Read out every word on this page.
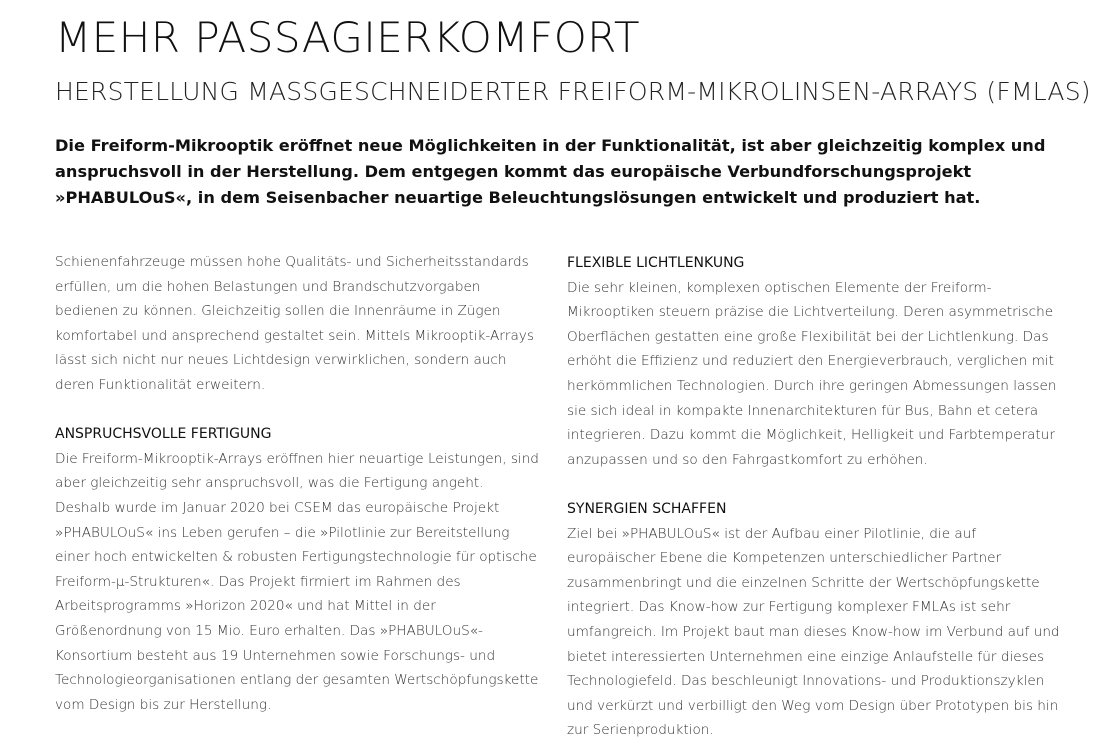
MEHR PASSAGIERKOMFORT
HERSTELLUNG MASSGESCHNEIDERTER FREIFORM-MIKROLINSEN-ARRAYS (FMLAS)

Die Freiform-Mikrooptik eröffnet neue Möglichkeiten in der Funktionalität, ist aber gleichzeitig komplex und anspruchsvoll in der Herstellung. Dem entgegen kommt das europäische Verbundforschungsprojekt »PHABULOuS«, in dem Seisenbacher neuartige Beleuchtungslösungen entwickelt und produziert hat.

Schienenfahrzeuge müssen hohe Qualitäts- und Sicherheitsstandards erfüllen, um die hohen Belastungen und Brandschutzvorgaben bedienen zu können. Gleichzeitig sollen die Innenräume in Zügen komfortabel und ansprechend gestaltet sein. Mittels Mikrooptik-Arrays lässt sich nicht nur neues Lichtdesign verwirklichen, sondern auch deren Funktionalität erweitern.

ANSPRUCHSVOLLE FERTIGUNG

Die Freiform-Mikrooptik-Arrays eröffnen hier neuartige Leistungen, sind aber gleichzeitig sehr anspruchsvoll, was die Fertigung angeht. Deshalb wurde im Januar 2020 bei CSEM das europäische Projekt »PHABULOuS« ins Leben gerufen – die »Pilotlinie zur Bereitstellung einer hoch entwickelten & robusten Fertigungstechnologie für optische Freiform-μ-Strukturen«. Das Projekt firmiert im Rahmen des Arbeitsprogramms »Horizon 2020« und hat Mittel in der Größenordnung von 15 Mio. Euro erhalten. Das »PHABULOuS«-Konsortium besteht aus 19 Unternehmen sowie Forschungs- und Technologieorganisationen entlang der gesamten Wertschöpfungskette vom Design bis zur Herstellung.

FLEXIBLE LICHTLENKUNG

Die sehr kleinen, komplexen optischen Elemente der Freiform-Mikrooptiken steuern präzise die Lichtverteilung. Deren asymmetrische Oberflächen gestatten eine große Flexibilität bei der Lichtlenkung. Das erhöht die Effizienz und reduziert den Energieverbrauch, verglichen mit herkömmlichen Technologien. Durch ihre geringen Abmessungen lassen sie sich ideal in kompakte Innenarchitekturen für Bus, Bahn et cetera integrieren. Dazu kommt die Möglichkeit, Helligkeit und Farbtemperatur anzupassen und so den Fahrgastkomfort zu erhöhen.

SYNERGIEN SCHAFFEN

Ziel bei »PHABULOuS« ist der Aufbau einer Pilotlinie, die auf europäischer Ebene die Kompetenzen unterschiedlicher Partner zusammenbringt und die einzelnen Schritte der Wertschöpfungskette integriert. Das Know-how zur Fertigung komplexer FMLAs ist sehr umfangreich. Im Projekt baut man dieses Know-how im Verbund auf und bietet interessierten Unternehmen eine einzige Anlaufstelle für dieses Technologiefeld. Das beschleunigt Innovations- und Produktionszyklen und verkürzt und verbilligt den Weg vom Design über Prototypen bis hin zur Serienproduktion.
